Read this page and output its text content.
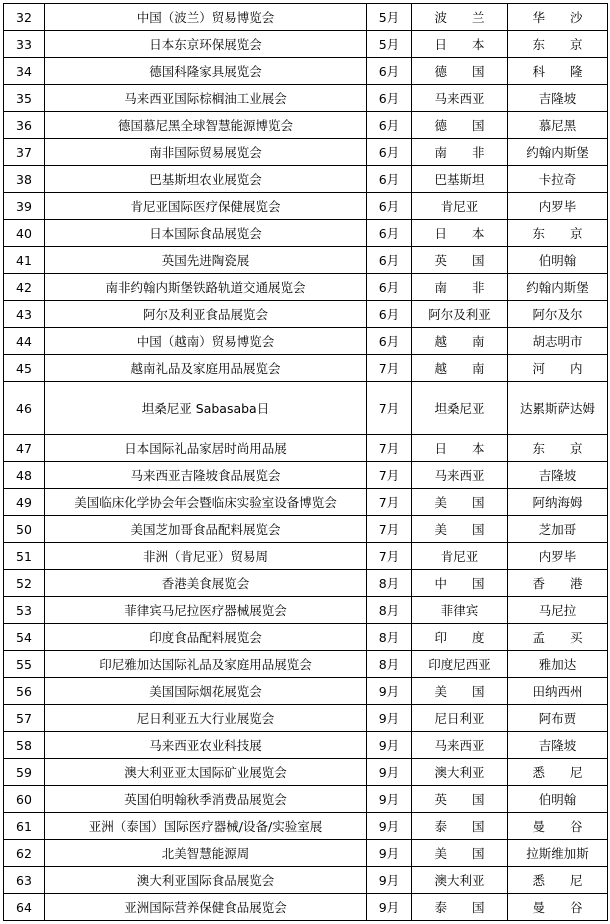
32	中国（波兰）贸易博览会	5月	波　　兰	华　　沙
33	日本东京环保展览会	5月	日　　本	东　　京
34	德国科隆家具展览会	6月	德　　国	科　　隆
35	马来西亚国际棕榈油工业展会	6月	马来西亚	吉隆坡
36	德国慕尼黑全球智慧能源博览会	6月	德　　国	慕尼黑
37	南非国际贸易展览会	6月	南　　非	约翰内斯堡
38	巴基斯坦农业展览会	6月	巴基斯坦	卡拉奇
39	肯尼亚国际医疗保健展览会	6月	肯尼亚	内罗毕
40	日本国际食品展览会	6月	日　　本	东　　京
41	英国先进陶瓷展	6月	英　　国	伯明翰
42	南非约翰内斯堡铁路轨道交通展览会	6月	南　　非	约翰内斯堡
43	阿尔及利亚食品展览会	6月	阿尔及利亚	阿尔及尔
44	中国（越南）贸易博览会	6月	越　　南	胡志明市
45	越南礼品及家庭用品展览会	7月	越　　南	河　　内
46	坦桑尼亚 Sabasaba日	7月	坦桑尼亚	达累斯萨达姆
47	日本国际礼品家居时尚用品展	7月	日　　本	东　　京
48	马来西亚吉隆坡食品展览会	7月	马来西亚	吉隆坡
49	美国临床化学协会年会暨临床实验室设备博览会	7月	美　　国	阿纳海姆
50	美国芝加哥食品配料展览会	7月	美　　国	芝加哥
51	非洲（肯尼亚）贸易周	7月	肯尼亚	内罗毕
52	香港美食展览会	8月	中　　国	香　　港
53	菲律宾马尼拉医疗器械展览会	8月	菲律宾	马尼拉
54	印度食品配料展览会	8月	印　　度	孟　　买
55	印尼雅加达国际礼品及家庭用品展览会	8月	印度尼西亚	雅加达
56	美国国际烟花展览会	9月	美　　国	田纳西州
57	尼日利亚五大行业展览会	9月	尼日利亚	阿布贾
58	马来西亚农业科技展	9月	马来西亚	吉隆坡
59	澳大利亚亚太国际矿业展览会	9月	澳大利亚	悉　　尼
60	英国伯明翰秋季消费品展览会	9月	英　　国	伯明翰
61	亚洲（泰国）国际医疗器械/设备/实验室展	9月	泰　　国	曼　　谷
62	北美智慧能源周	9月	美　　国	拉斯维加斯
63	澳大利亚国际食品展览会	9月	澳大利亚	悉　　尼
64	亚洲国际营养保健食品展览会	9月	泰　　国	曼　　谷
